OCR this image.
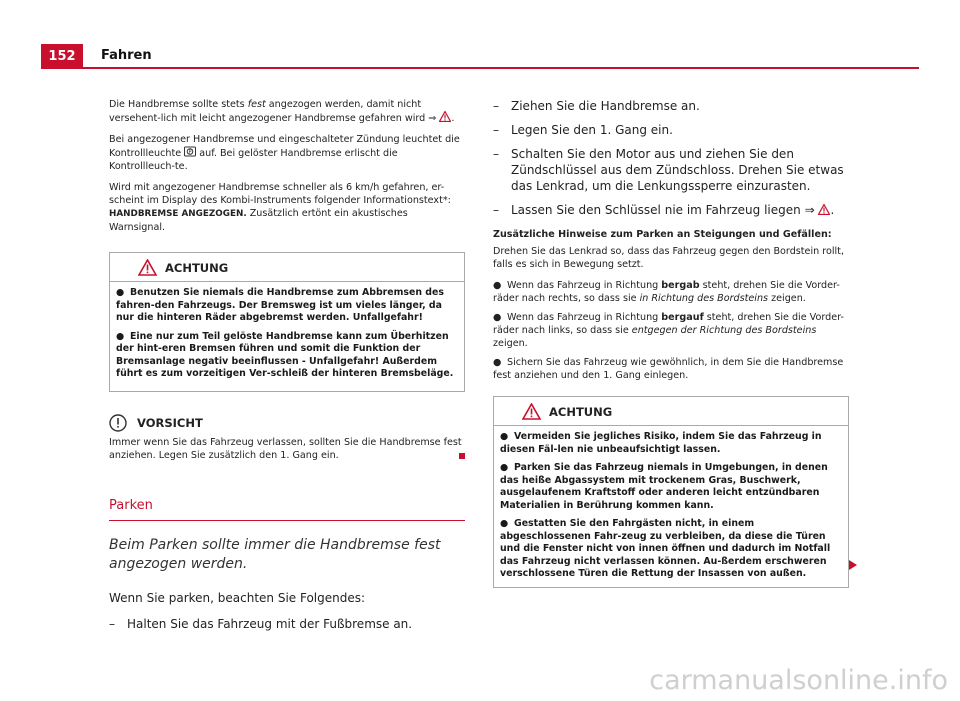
152	Fahren

Die Handbremse sollte stets fest angezogen werden, damit nicht versehent-lich mit leicht angezogener Handbremse gefahren wird ⇒
.

Bei angezogener Handbremse und eingeschalteter Zündung leuchtet die Kontrollleuchte P auf. Bei gelöster Handbremse erlischt die Kontrollleuch-te.

Wird mit angezogener Handbremse schneller als 6 km/h gefahren, er-scheint im Display des Kombi-Instruments folgender Informationstext*: HANDBREMSE ANGEZOGEN. Zusätzlich ertönt ein akustisches Warnsignal.

ACHTUNG

● Benutzen Sie niemals die Handbremse zum Abbremsen des fahren-den Fahrzeugs. Der Bremsweg ist um vieles länger, da nur die hinteren Räder abgebremst werden. Unfallgefahr!

● Eine nur zum Teil gelöste Handbremse kann zum Überhitzen der hint-eren Bremsen führen und somit die Funktion der Bremsanlage negativ beeinflussen - Unfallgefahr! Außerdem führt es zum vorzeitigen Ver-schleiß der hinteren Bremsbeläge.

VORSICHT
Immer wenn Sie das Fahrzeug verlassen, sollten Sie die Handbremse fest anziehen. Legen Sie zusätzlich den 1. Gang ein.
Parken
Beim Parken sollte immer die Handbremse fest angezogen werden.
Wenn Sie parken, beachten Sie Folgendes:
–	Halten Sie das Fahrzeug mit der Fußbremse an.
–	Ziehen Sie die Handbremse an.
–	Legen Sie den 1. Gang ein.
–	Schalten Sie den Motor aus und ziehen Sie den Zündschlüssel aus dem Zündschloss. Drehen Sie etwas das Lenkrad, um die Lenkungssperre einzurasten.
–	Lassen Sie den Schlüssel nie im Fahrzeug liegen ⇒
.
Zusätzliche Hinweise zum Parken an Steigungen und Gefällen:

Drehen Sie das Lenkrad so, dass das Fahrzeug gegen den Bordstein rollt, falls es sich in Bewegung setzt.

● Wenn das Fahrzeug in Richtung bergab steht, drehen Sie die Vorder-räder nach rechts, so dass sie in Richtung des Bordsteins zeigen.

● Wenn das Fahrzeug in Richtung bergauf steht, drehen Sie die Vorder-räder nach links, so dass sie entgegen der Richtung des Bordsteins zeigen.

● Sichern Sie das Fahrzeug wie gewöhnlich, in dem Sie die Handbremse fest anziehen und den 1. Gang einlegen.

ACHTUNG

● Vermeiden Sie jegliches Risiko, indem Sie das Fahrzeug in diesen Fäl-len nie unbeaufsichtigt lassen.

● Parken Sie das Fahrzeug niemals in Umgebungen, in denen das heiße Abgassystem mit trockenem Gras, Buschwerk, ausgelaufenem Kraftstoff oder anderen leicht entzündbaren Materialien in Berührung kommen kann.

● Gestatten Sie den Fahrgästen nicht, in einem abgeschlossenen Fahr-zeug zu verbleiben, da diese die Türen und die Fenster nicht von innen öffnen und dadurch im Notfall das Fahrzeug nicht verlassen können. Au-ßerdem erschweren verschlossene Türen die Rettung der Insassen von außen.

carmanualsonline.info
